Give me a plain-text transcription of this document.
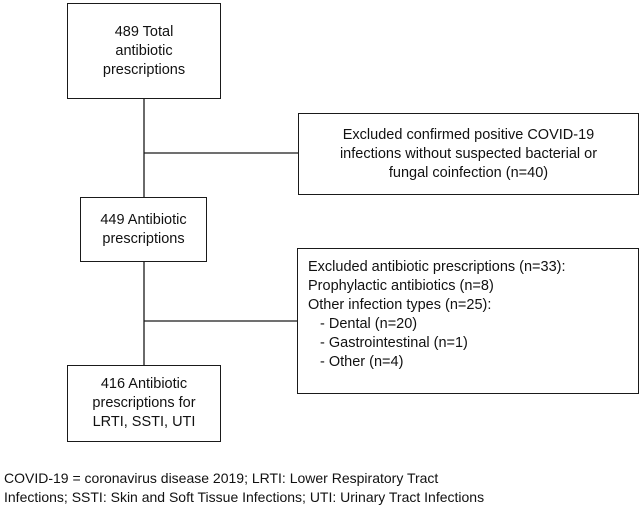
489 Total
antibiotic
prescriptions
Excluded confirmed positive COVID-19
infections without suspected bacterial or
fungal coinfection (n=40)
449 Antibiotic
prescriptions
Excluded antibiotic prescriptions (n=33):
Prophylactic antibiotics (n=8)
Other infection types (n=25):
- Dental (n=20)
- Gastrointestinal (n=1)
- Other (n=4)
416 Antibiotic
prescriptions for
LRTI, SSTI, UTI
COVID-19 = coronavirus disease 2019; LRTI: Lower Respiratory Tract
Infections; SSTI: Skin and Soft Tissue Infections; UTI: Urinary Tract Infections
